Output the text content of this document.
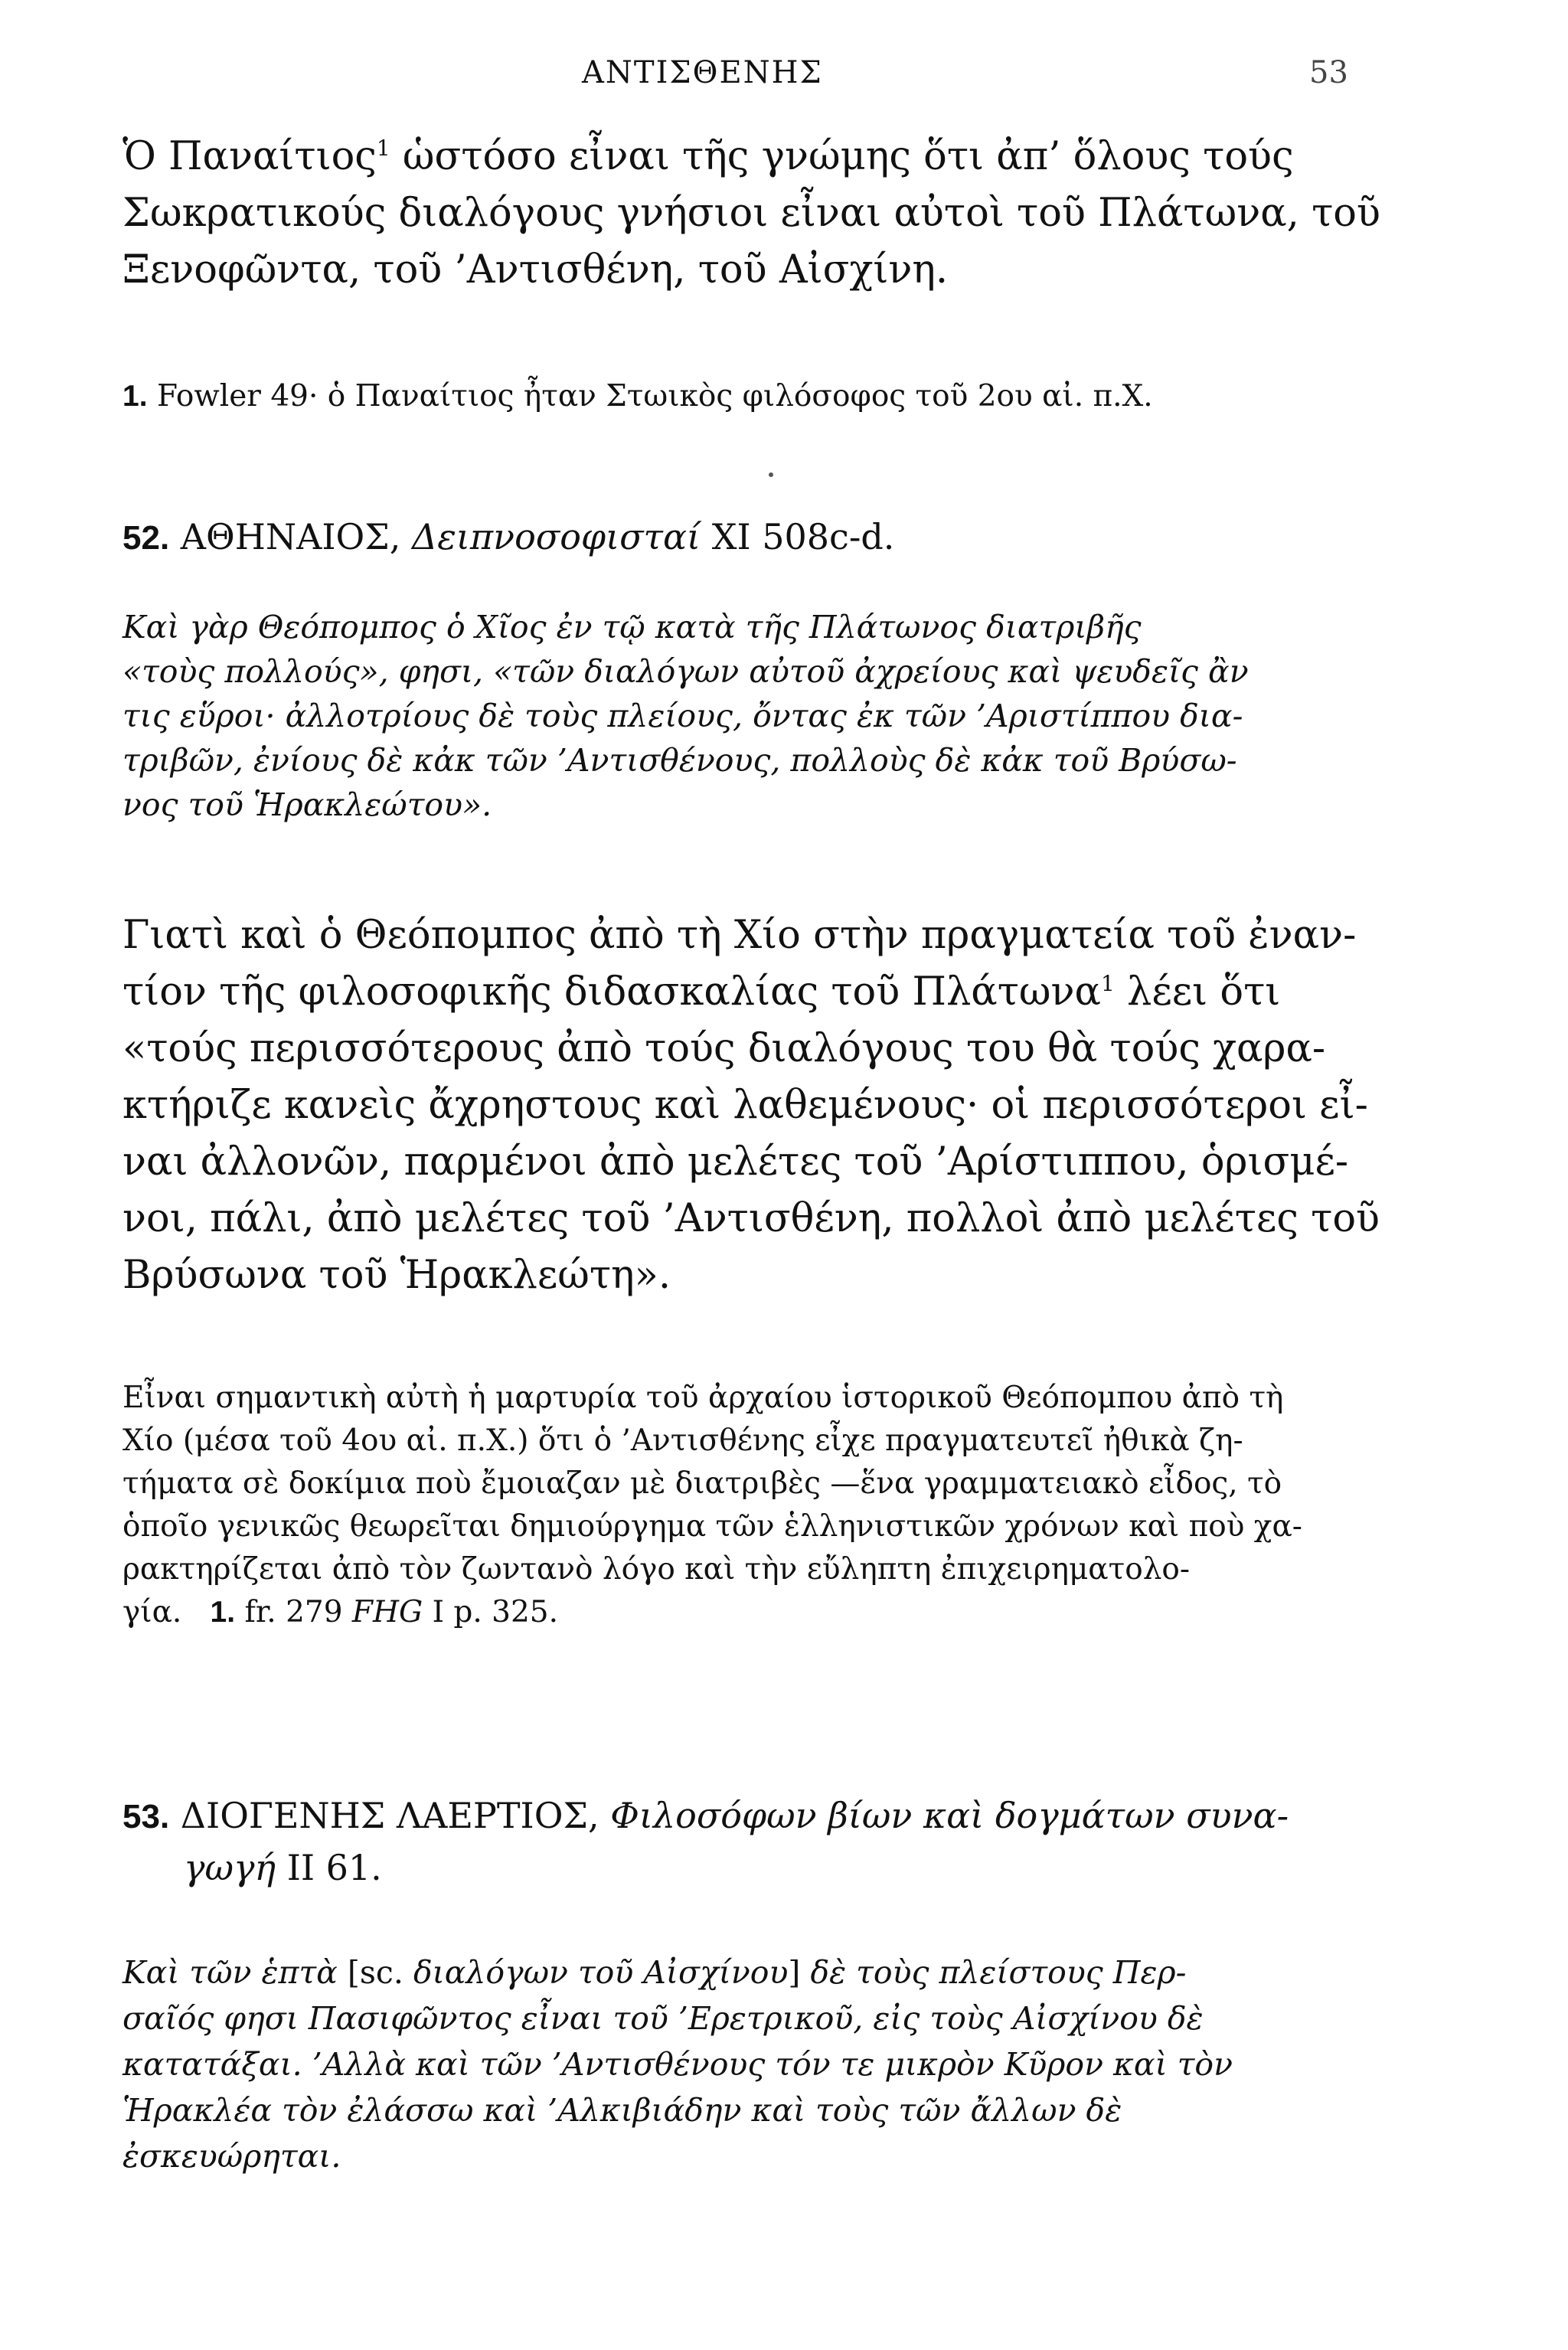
ΑΝΤΙΣΘΕΝΗΣ	53
Ὁ Παναίτιος$^1$ ὡστόσο εἶναι τῆς γνώμης ὅτι ἀπ’ ὅλους τούς
Σωκρατικούς διαλόγους γνήσιοι εἶναι αὐτοὶ τοῦ Πλάτωνα, τοῦ
Ξενοφῶντα, τοῦ ’Αντισθένη, τοῦ Αἰσχίνη.
1. Fowler 49· ὁ Παναίτιος ἦταν Στωικὸς φιλόσοφος τοῦ 2ου αἰ. π.Χ.
52. ΑΘΗΝΑΙΟΣ, Δειπνοσοφισταί XI 508c-d.
Καὶ γὰρ Θεόπομπος ὁ Χῖος ἐν τῷ κατὰ τῆς Πλάτωνος διατριβῆς
«τοὺς πολλούς», φησι, «τῶν διαλόγων αὐτοῦ ἀχρείους καὶ ψευδεῖς ἂν
τις εὕροι· ἀλλοτρίους δὲ τοὺς πλείους, ὄντας ἐκ τῶν ’Αριστίππου δια-
τριβῶν, ἐνίους δὲ κἀκ τῶν ’Αντισθένους, πολλοὺς δὲ κἀκ τοῦ Βρύσω-
νος τοῦ Ἡρακλεώτου».
Γιατὶ καὶ ὁ Θεόπομπος ἀπὸ τὴ Χίο στὴν πραγματεία τοῦ ἐναν-
τίον τῆς φιλοσοφικῆς διδασκαλίας τοῦ Πλάτωνα$^1$ λέει ὅτι
«τούς περισσότερους ἀπὸ τούς διαλόγους του θὰ τούς χαρα-
κτήριζε κανεὶς ἄχρηστους καὶ λαθεμένους· οἱ περισσότεροι εἶ-
ναι ἀλλονῶν, παρμένοι ἀπὸ μελέτες τοῦ ’Αρίστιππου, ὁρισμέ-
νοι, πάλι, ἀπὸ μελέτες τοῦ ’Αντισθένη, πολλοὶ ἀπὸ μελέτες τοῦ
Βρύσωνα τοῦ Ἡρακλεώτη».
Εἶναι σημαντικὴ αὐτὴ ἡ μαρτυρία τοῦ ἀρχαίου ἱστορικοῦ Θεόπομπου ἀπὸ τὴ
Χίο (μέσα τοῦ 4ου αἰ. π.Χ.) ὅτι ὁ ’Αντισθένης εἶχε πραγματευτεῖ ἠθικὰ ζη-
τήματα σὲ δοκίμια ποὺ ἔμοιαζαν μὲ διατριβὲς —ἕνα γραμματειακὸ εἶδος, τὸ
ὁποῖο γενικῶς θεωρεῖται δημιούργημα τῶν ἑλληνιστικῶν χρόνων καὶ ποὺ χα-
ρακτηρίζεται ἀπὸ τὸν ζωντανὸ λόγο καὶ τὴν εὔληπτη ἐπιχειρηματολο-
γία. 1. fr. 279 FHG I p. 325.
53. ΔΙΟΓΕΝΗΣ ΛΑΕΡΤΙΟΣ, Φιλοσόφων βίων καὶ δογμάτων συνα-
γωγή II 61.
Καὶ τῶν ἑπτὰ [sc. διαλόγων τοῦ Αἰσχίνου] δὲ τοὺς πλείστους Περ-
σαῖός φησι Πασιφῶντος εἶναι τοῦ ’Ερετρικοῦ, εἰς τοὺς Αἰσχίνου δὲ
κατατάξαι. ’Αλλὰ καὶ τῶν ’Αντισθένους τόν τε μικρὸν Κῦρον καὶ τὸν
Ἡρακλέα τὸν ἐλάσσω καὶ ’Αλκιβιάδην καὶ τοὺς τῶν ἄλλων δὲ
ἐσκευώρηται.
